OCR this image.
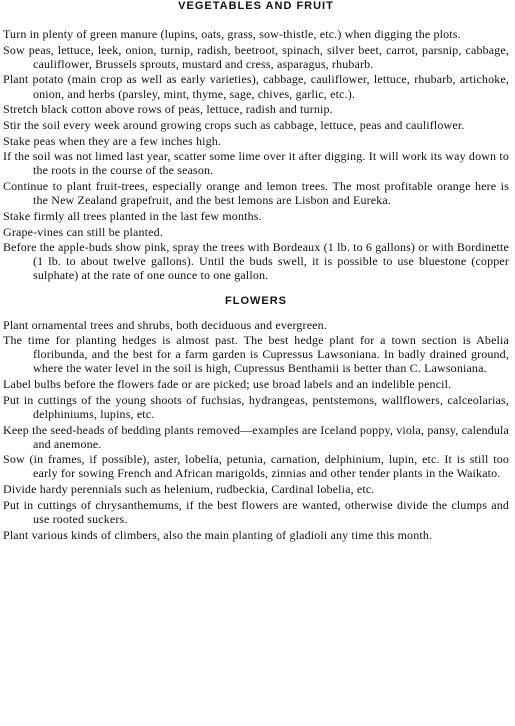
VEGETABLES AND FRUIT
Turn in plenty of green manure (lupins, oats, grass, sow-thistle, etc.) when digging the plots.
Sow peas, lettuce, leek, onion, turnip, radish, beetroot, spinach, silver beet, carrot, parsnip, cabbage, cauliflower, Brussels sprouts, mustard and cress, asparagus, rhubarb.
Plant potato (main crop as well as early varieties), cabbage, cauliflower, lettuce, rhubarb, artichoke, onion, and herbs (parsley, mint, thyme, sage, chives, garlic, etc.).
Stretch black cotton above rows of peas, lettuce, radish and turnip.
Stir the soil every week around growing crops such as cabbage, lettuce, peas and cauliflower.
Stake peas when they are a few inches high.
If the soil was not limed last year, scatter some lime over it after digging. It will work its way down to the roots in the course of the season.
Continue to plant fruit-trees, especially orange and lemon trees. The most profitable orange here is the New Zealand grapefruit, and the best lemons are Lisbon and Eureka.
Stake firmly all trees planted in the last few months.
Grape-vines can still be planted.
Before the apple-buds show pink, spray the trees with Bordeaux (1 lb. to 6 gallons) or with Bordinette (1 lb. to about twelve gallons). Until the buds swell, it is possible to use bluestone (copper sulphate) at the rate of one ounce to one gallon.
FLOWERS
Plant ornamental trees and shrubs, both deciduous and evergreen.
The time for planting hedges is almost past. The best hedge plant for a town section is Abelia floribunda, and the best for a farm garden is Cupressus Lawsoniana. In badly drained ground, where the water level in the soil is high, Cupressus Benthamii is better than C. Lawsoniana.
Label bulbs before the flowers fade or are picked; use broad labels and an indelible pencil.
Put in cuttings of the young shoots of fuchsias, hydrangeas, pentstemons, wallflowers, calceolarias, delphiniums, lupins, etc.
Keep the seed-heads of bedding plants removed—examples are Iceland poppy, viola, pansy, calendula and anemone.
Sow (in frames, if possible), aster, lobelia, petunia, carnation, delphinium, lupin, etc. It is still too early for sowing French and African marigolds, zinnias and other tender plants in the Waikato.
Divide hardy perennials such as helenium, rudbeckia, Cardinal lobelia, etc.
Put in cuttings of chrysanthemums, if the best flowers are wanted, otherwise divide the clumps and use rooted suckers.
Plant various kinds of climbers, also the main planting of gladioli any time this month.
